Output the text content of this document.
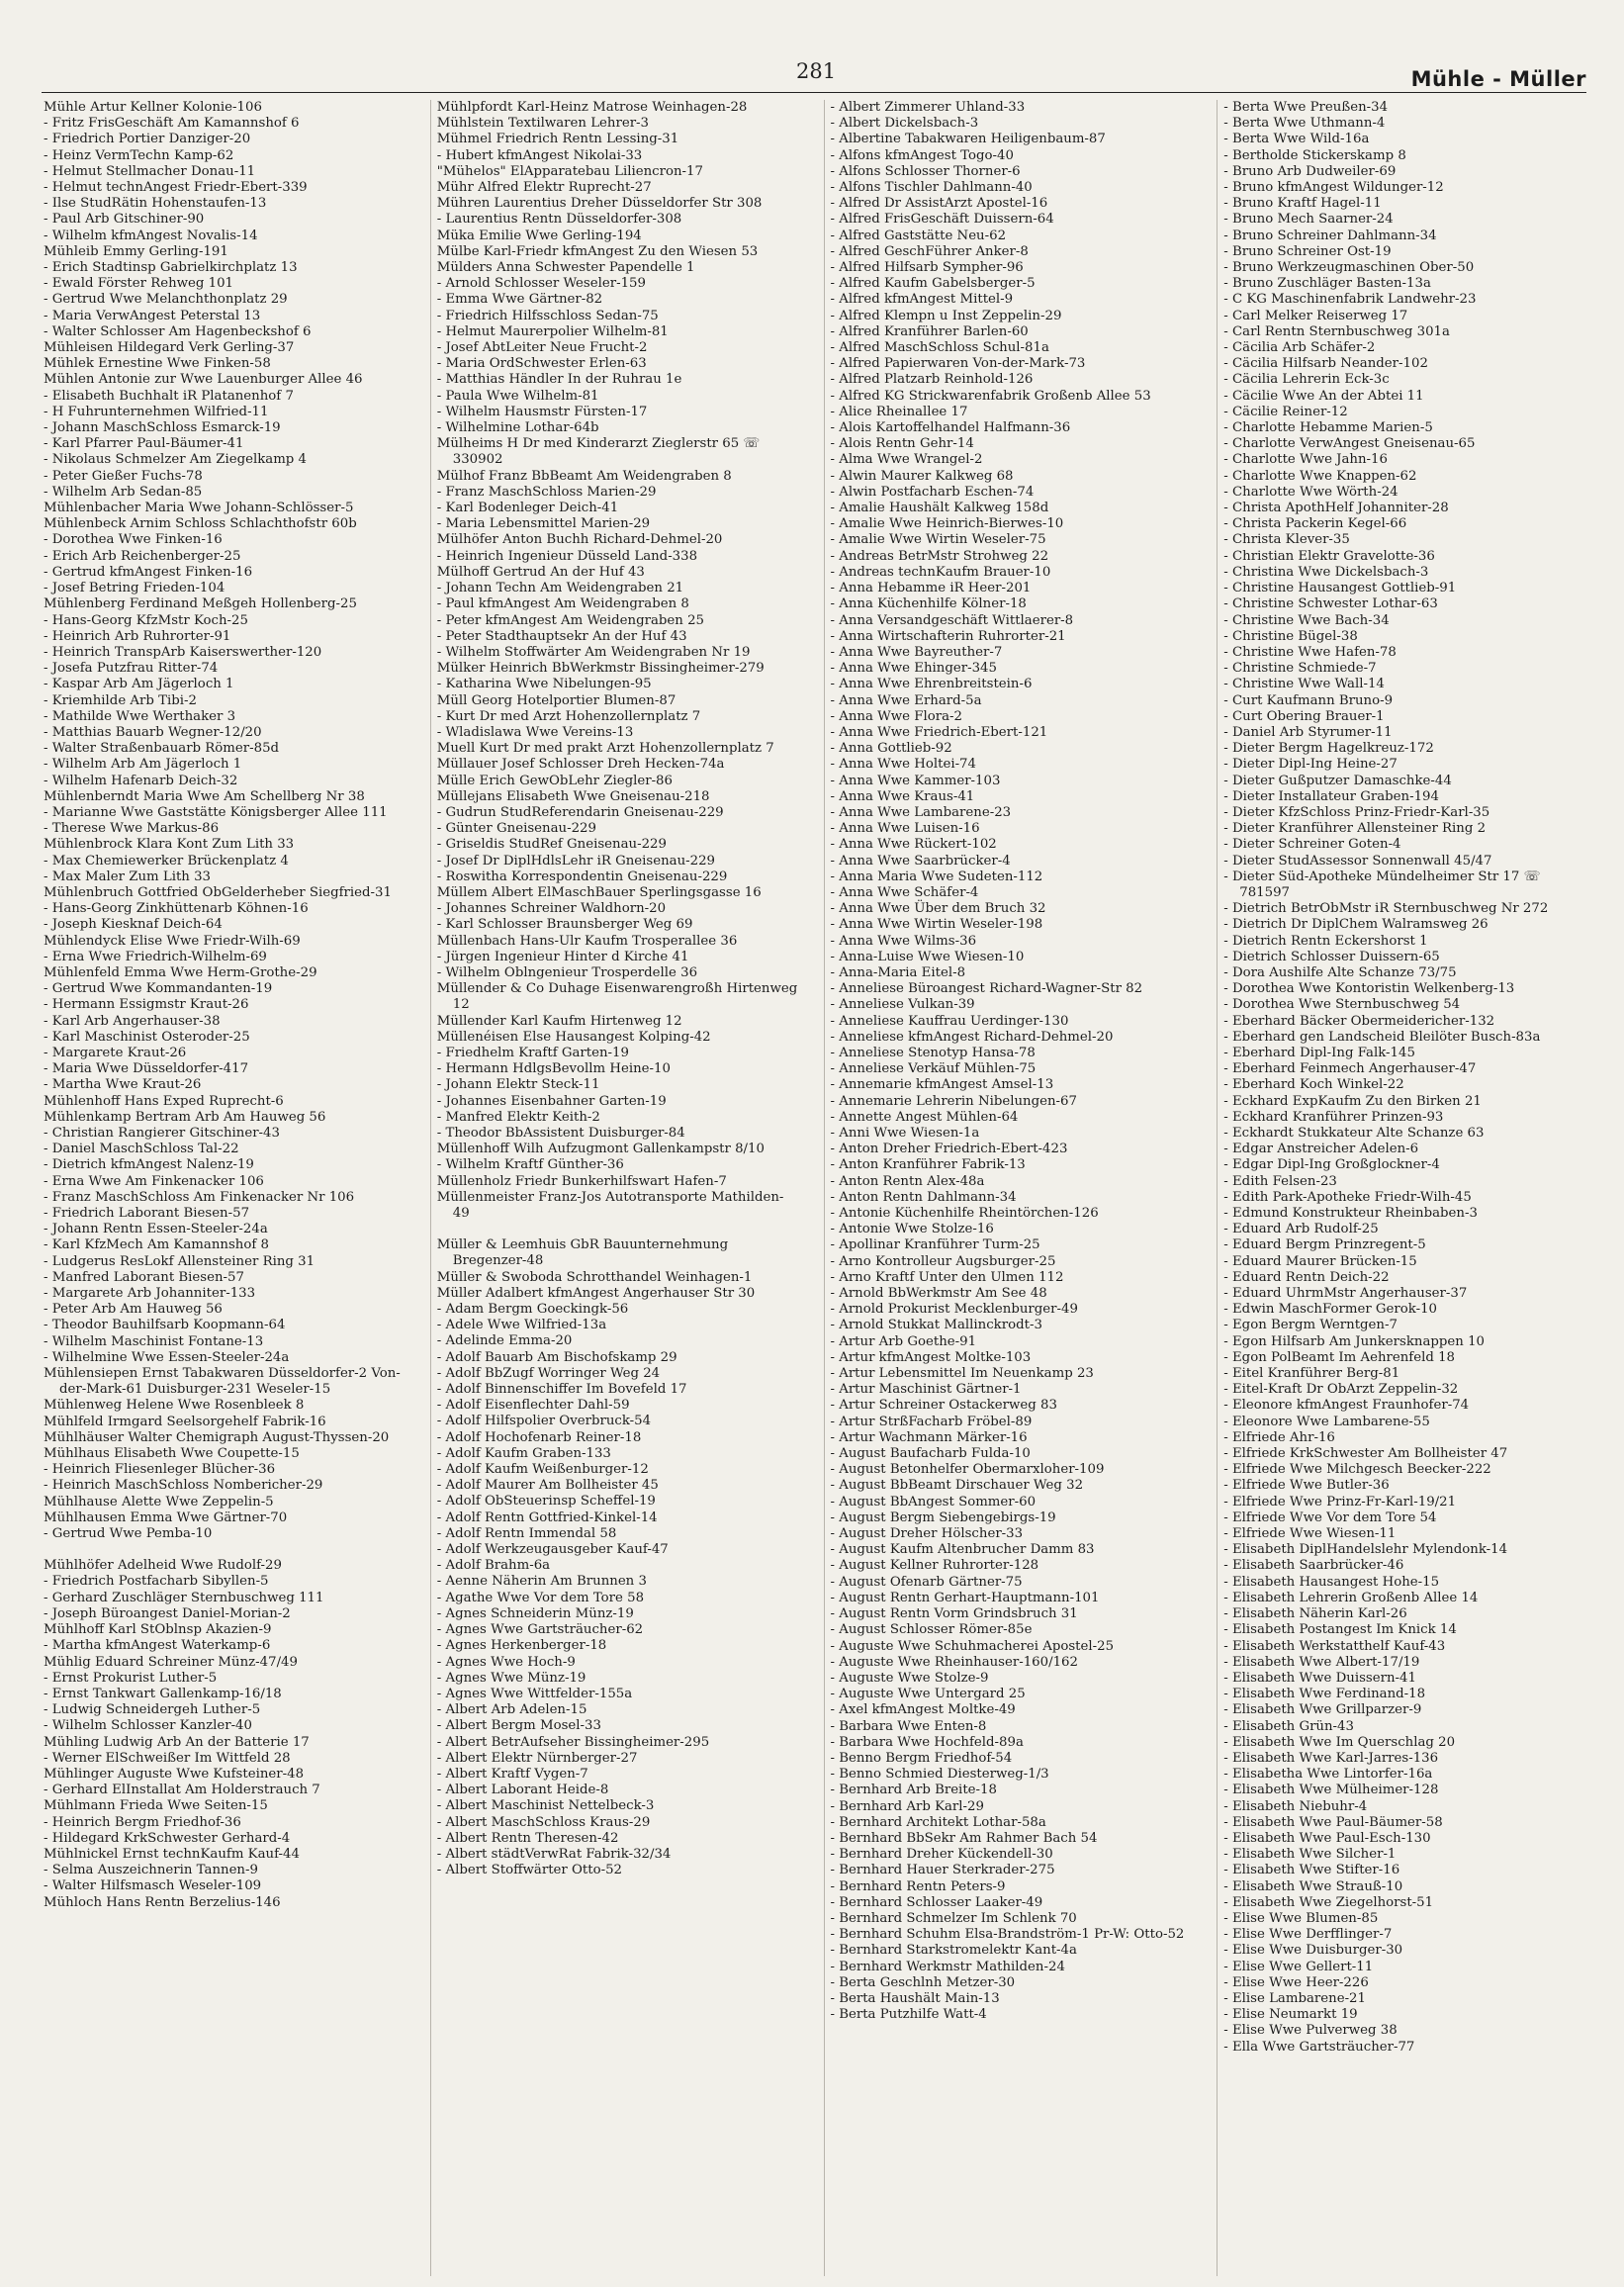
281	Mühle - Müller
Mühle Artur Kellner Kolonie-106
- Fritz FrisGeschäft Am Kamannshof 6
- Friedrich Portier Danziger-20
- Heinz VermTechn Kamp-62
- Helmut Stellmacher Donau-11
- Helmut technAngest Friedr-Ebert-339
- Ilse StudRätin Hohenstaufen-13
- Paul Arb Gitschiner-90
- Wilhelm kfmAngest Novalis-14
Mühleib Emmy Gerling-191
- Erich Stadtinsp Gabrielkirchplatz 13
- Ewald Förster Rehweg 101
- Gertrud Wwe Melanchthonplatz 29
- Maria VerwAngest Peterstal 13
- Walter Schlosser Am Hagenbeckshof 6
Mühleisen Hildegard Verk Gerling-37
Mühlek Ernestine Wwe Finken-58
Mühlen Antonie zur Wwe Lauenburger Allee 46
- Elisabeth Buchhalt iR Platanenhof 7
- H Fuhrunternehmen Wilfried-11
- Johann MaschSchloss Esmarck-19
- Karl Pfarrer Paul-Bäumer-41
- Nikolaus Schmelzer Am Ziegelkamp 4
- Peter Gießer Fuchs-78
- Wilhelm Arb Sedan-85
Mühlenbacher Maria Wwe Johann-Schlösser-5
Mühlenbeck Arnim Schloss Schlachthofstr 60b
- Dorothea Wwe Finken-16
- Erich Arb Reichenberger-25
- Gertrud kfmAngest Finken-16
- Josef Betring Frieden-104
Mühlenberg Ferdinand Meßgeh Hollenberg-25
- Hans-Georg KfzMstr Koch-25
- Heinrich Arb Ruhrorter-91
- Heinrich TranspArb Kaiserswerther-120
- Josefa Putzfrau Ritter-74
- Kaspar Arb Am Jägerloch 1
- Kriemhilde Arb Tibi-2
- Mathilde Wwe Werthaker 3
- Matthias Bauarb Wegner-12/20
- Walter Straßenbauarb Römer-85d
- Wilhelm Arb Am Jägerloch 1
- Wilhelm Hafenarb Deich-32
Mühlenberndt Maria Wwe Am Schellberg Nr 38
- Marianne Wwe Gaststätte Königsberger Allee 111
- Therese Wwe Markus-86
Mühlenbrock Klara Kont Zum Lith 33
- Max Chemiewerker Brückenplatz 4
- Max Maler Zum Lith 33
Mühlenbruch Gottfried ObGelderheber Siegfried-31
- Hans-Georg Zinkhüttenarb Köhnen-16
- Joseph Kiesknaf Deich-64
Mühlendyck Elise Wwe Friedr-Wilh-69
- Erna Wwe Friedrich-Wilhelm-69
Mühlenfeld Emma Wwe Herm-Grothe-29
- Gertrud Wwe Kommandanten-19
- Hermann Essigmstr Kraut-26
- Karl Arb Angerhauser-38
- Karl Maschinist Osteroder-25
- Margarete Kraut-26
- Maria Wwe Düsseldorfer-417
- Martha Wwe Kraut-26
Mühlenhoff Hans Exped Ruprecht-6
Mühlenkamp Bertram Arb Am Hauweg 56
- Christian Rangierer Gitschiner-43
- Daniel MaschSchloss Tal-22
- Dietrich kfmAngest Nalenz-19
- Erna Wwe Am Finkenacker 106
- Franz MaschSchloss Am Finkenacker Nr 106
- Friedrich Laborant Biesen-57
- Johann Rentn Essen-Steeler-24a
- Karl KfzMech Am Kamannshof 8
- Ludgerus ResLokf Allensteiner Ring 31
- Manfred Laborant Biesen-57
- Margarete Arb Johanniter-133
- Peter Arb Am Hauweg 56
- Theodor Bauhilfsarb Koopmann-64
- Wilhelm Maschinist Fontane-13
- Wilhelmine Wwe Essen-Steeler-24a
Mühlensiepen Ernst Tabakwaren Düsseldorfer-2 Von-der-Mark-61 Duisburger-231 Weseler-15
Mühlenweg Helene Wwe Rosenbleek 8
Mühlfeld Irmgard Seelsorgehelf Fabrik-16
Mühlhäuser Walter Chemigraph August-Thyssen-20
Mühlhaus Elisabeth Wwe Coupette-15
- Heinrich Fliesenleger Blücher-36
- Heinrich MaschSchloss Nombericher-29
Mühlhause Alette Wwe Zeppelin-5
Mühlhausen Emma Wwe Gärtner-70
- Gertrud Wwe Pemba-10
Mühlhöfer Adelheid Wwe Rudolf-29
- Friedrich Postfacharb Sibyllen-5
- Gerhard Zuschläger Sternbuschweg 111
- Joseph Büroangest Daniel-Morian-2
Mühlhoff Karl StOblnsp Akazien-9
- Martha kfmAngest Waterkamp-6
Mühlig Eduard Schreiner Münz-47/49
- Ernst Prokurist Luther-5
- Ernst Tankwart Gallenkamp-16/18
- Ludwig Schneidergeh Luther-5
- Wilhelm Schlosser Kanzler-40
Mühling Ludwig Arb An der Batterie 17
- Werner ElSchweißer Im Wittfeld 28
Mühlinger Auguste Wwe Kufsteiner-48
- Gerhard ElInstallat Am Holderstrauch 7
Mühlmann Frieda Wwe Seiten-15
- Heinrich Bergm Friedhof-36
- Hildegard KrkSchwester Gerhard-4
Mühlnickel Ernst technKaufm Kauf-44
- Selma Auszeichnerin Tannen-9
- Walter Hilfsmasch Weseler-109
Mühloch Hans Rentn Berzelius-146
Mühlpfordt Karl-Heinz Matrose Weinhagen-28
Mühlstein Textilwaren Lehrer-3
Mühmel Friedrich Rentn Lessing-31
- Hubert kfmAngest Nikolai-33
"Mühelos" ElApparatebau Liliencron-17
Mühr Alfred Elektr Ruprecht-27
Mühren Laurentius Dreher Düsseldorfer Str 308
- Laurentius Rentn Düsseldorfer-308
Müka Emilie Wwe Gerling-194
Mülbe Karl-Friedr kfmAngest Zu den Wiesen 53
Mülders Anna Schwester Papendelle 1
- Arnold Schlosser Weseler-159
- Emma Wwe Gärtner-82
- Friedrich Hilfsschloss Sedan-75
- Helmut Maurerpolier Wilhelm-81
- Josef AbtLeiter Neue Frucht-2
- Maria OrdSchwester Erlen-63
- Matthias Händler In der Ruhrau 1e
- Paula Wwe Wilhelm-81
- Wilhelm Hausmstr Fürsten-17
- Wilhelmine Lothar-64b
Mülheims H Dr med Kinderarzt Zieglerstr 65 ☏ 330902
Mülhof Franz BbBeamt Am Weidengraben 8
- Franz MaschSchloss Marien-29
- Karl Bodenleger Deich-41
- Maria Lebensmittel Marien-29
Mülhöfer Anton Buchh Richard-Dehmel-20
- Heinrich Ingenieur Düsseld Land-338
Mülhoff Gertrud An der Huf 43
- Johann Techn Am Weidengraben 21
- Paul kfmAngest Am Weidengraben 8
- Peter kfmAngest Am Weidengraben 25
- Peter Stadthauptsekr An der Huf 43
- Wilhelm Stoffwärter Am Weidengraben Nr 19
Mülker Heinrich BbWerkmstr Bissingheimer-279
- Katharina Wwe Nibelungen-95
Müll Georg Hotelportier Blumen-87
- Kurt Dr med Arzt Hohenzollernplatz 7
- Wladislawa Wwe Vereins-13
Muell Kurt Dr med prakt Arzt Hohenzollernplatz 7
Müllauer Josef Schlosser Dreh Hecken-74a
Mülle Erich GewObLehr Ziegler-86
Müllejans Elisabeth Wwe Gneisenau-218
- Gudrun StudReferendarin Gneisenau-229
- Günter Gneisenau-229
- Griseldis StudRef Gneisenau-229
- Josef Dr DiplHdlsLehr iR Gneisenau-229
- Roswitha Korrespondentin Gneisenau-229
Müllem Albert ElMaschBauer Sperlingsgasse 16
- Johannes Schreiner Waldhorn-20
- Karl Schlosser Braunsberger Weg 69
Müllenbach Hans-Ulr Kaufm Trosperallee 36
- Jürgen Ingenieur Hinter d Kirche 41
- Wilhelm Oblngenieur Trosperdelle 36
Müllender & Co Duhage Eisenwarengroßh Hirtenweg 12
Müllender Karl Kaufm Hirtenweg 12
Müllenéisen Else Hausangest Kolping-42
- Friedhelm Kraftf Garten-19
- Hermann HdlgsBevollm Heine-10
- Johann Elektr Steck-11
- Johannes Eisenbahner Garten-19
- Manfred Elektr Keith-2
- Theodor BbAssistent Duisburger-84
Müllenhoff Wilh Aufzugmont Gallenkampstr 8/10
- Wilhelm Kraftf Günther-36
Müllenholz Friedr Bunkerhilfswart Hafen-7
Müllenmeister Franz-Jos Autotransporte Mathilden-49
Müller & Leemhuis GbR Bauunternehmung Bregenzer-48
Müller & Swoboda Schrotthandel Weinhagen-1
Müller Adalbert kfmAngest Angerhauser Str 30
- Adam Bergm Goeckingk-56
- Adele Wwe Wilfried-13a
- Adelinde Emma-20
- Adolf Bauarb Am Bischofskamp 29
- Adolf BbZugf Worringer Weg 24
- Adolf Binnenschiffer Im Bovefeld 17
- Adolf Eisenflechter Dahl-59
- Adolf Hilfspolier Overbruck-54
- Adolf Hochofenarb Reiner-18
- Adolf Kaufm Graben-133
- Adolf Kaufm Weißenburger-12
- Adolf Maurer Am Bollheister 45
- Adolf ObSteuerinsp Scheffel-19
- Adolf Rentn Gottfried-Kinkel-14
- Adolf Rentn Immendal 58
- Adolf Werkzeugausgeber Kauf-47
- Adolf Brahm-6a
- Aenne Näherin Am Brunnen 3
- Agathe Wwe Vor dem Tore 58
- Agnes Schneiderin Münz-19
- Agnes Wwe Gartsträucher-62
- Agnes Herkenberger-18
- Agnes Wwe Hoch-9
- Agnes Wwe Münz-19
- Agnes Wwe Wittfelder-155a
- Albert Arb Adelen-15
- Albert Bergm Mosel-33
- Albert BetrAufseher Bissingheimer-295
- Albert Elektr Nürnberger-27
- Albert Kraftf Vygen-7
- Albert Laborant Heide-8
- Albert Maschinist Nettelbeck-3
- Albert MaschSchloss Kraus-29
- Albert Rentn Theresen-42
- Albert städtVerwRat Fabrik-32/34
- Albert Stoffwärter Otto-52
- Albert Zimmerer Uhland-33
- Albert Dickelsbach-3
- Albertine Tabakwaren Heiligenbaum-87
- Alfons kfmAngest Togo-40
- Alfons Schlosser Thorner-6
- Alfons Tischler Dahlmann-40
- Alfred Dr AssistArzt Apostel-16
- Alfred FrisGeschäft Duissern-64
- Alfred Gaststätte Neu-62
- Alfred GeschFührer Anker-8
- Alfred Hilfsarb Sympher-96
- Alfred Kaufm Gabelsberger-5
- Alfred kfmAngest Mittel-9
- Alfred Klempn u Inst Zeppelin-29
- Alfred Kranführer Barlen-60
- Alfred MaschSchloss Schul-81a
- Alfred Papierwaren Von-der-Mark-73
- Alfred Platzarb Reinhold-126
- Alfred KG Strickwarenfabrik Großenb Allee 53
- Alice Rheinallee 17
- Alois Kartoffelhandel Halfmann-36
- Alois Rentn Gehr-14
- Alma Wwe Wrangel-2
- Alwin Maurer Kalkweg 68
- Alwin Postfacharb Eschen-74
- Amalie Haushält Kalkweg 158d
- Amalie Wwe Heinrich-Bierwes-10
- Amalie Wwe Wirtin Weseler-75
- Andreas BetrMstr Strohweg 22
- Andreas technKaufm Brauer-10
- Anna Hebamme iR Heer-201
- Anna Küchenhilfe Kölner-18
- Anna Versandgeschäft Wittlaerer-8
- Anna Wirtschafterin Ruhrorter-21
- Anna Wwe Bayreuther-7
- Anna Wwe Ehinger-345
- Anna Wwe Ehrenbreitstein-6
- Anna Wwe Erhard-5a
- Anna Wwe Flora-2
- Anna Wwe Friedrich-Ebert-121
- Anna Gottlieb-92
- Anna Wwe Holtei-74
- Anna Wwe Kammer-103
- Anna Wwe Kraus-41
- Anna Wwe Lambarene-23
- Anna Wwe Luisen-16
- Anna Wwe Rückert-102
- Anna Wwe Saarbrücker-4
- Anna Maria Wwe Sudeten-112
- Anna Wwe Schäfer-4
- Anna Wwe Über dem Bruch 32
- Anna Wwe Wirtin Weseler-198
- Anna Wwe Wilms-36
- Anna-Luise Wwe Wiesen-10
- Anna-Maria Eitel-8
- Anneliese Büroangest Richard-Wagner-Str 82
- Anneliese Vulkan-39
- Anneliese Kauffrau Uerdinger-130
- Anneliese kfmAngest Richard-Dehmel-20
- Anneliese Stenotyp Hansa-78
- Anneliese Verkäuf Mühlen-75
- Annemarie kfmAngest Amsel-13
- Annemarie Lehrerin Nibelungen-67
- Annette Angest Mühlen-64
- Anni Wwe Wiesen-1a
- Anton Dreher Friedrich-Ebert-423
- Anton Kranführer Fabrik-13
- Anton Rentn Alex-48a
- Anton Rentn Dahlmann-34
- Antonie Küchenhilfe Rheintörchen-126
- Antonie Wwe Stolze-16
- Apollinar Kranführer Turm-25
- Arno Kontrolleur Augsburger-25
- Arno Kraftf Unter den Ulmen 112
- Arnold BbWerkmstr Am See 48
- Arnold Prokurist Mecklenburger-49
- Arnold Stukkat Mallinckrodt-3
- Artur Arb Goethe-91
- Artur kfmAngest Moltke-103
- Artur Lebensmittel Im Neuenkamp 23
- Artur Maschinist Gärtner-1
- Artur Schreiner Ostackerweg 83
- Artur StrßFacharb Fröbel-89
- Artur Wachmann Märker-16
- August Baufacharb Fulda-10
- August Betonhelfer Obermarxloher-109
- August BbBeamt Dirschauer Weg 32
- August BbAngest Sommer-60
- August Bergm Siebengebirgs-19
- August Dreher Hölscher-33
- August Kaufm Altenbrucher Damm 83
- August Kellner Ruhrorter-128
- August Ofenarb Gärtner-75
- August Rentn Gerhart-Hauptmann-101
- August Rentn Vorm Grindsbruch 31
- August Schlosser Römer-85e
- Auguste Wwe Schuhmacherei Apostel-25
- Auguste Wwe Rheinhauser-160/162
- Auguste Wwe Stolze-9
- Auguste Wwe Untergard 25
- Axel kfmAngest Moltke-49
- Barbara Wwe Enten-8
- Barbara Wwe Hochfeld-89a
- Benno Bergm Friedhof-54
- Benno Schmied Diesterweg-1/3
- Bernhard Arb Breite-18
- Bernhard Arb Karl-29
- Bernhard Architekt Lothar-58a
- Bernhard BbSekr Am Rahmer Bach 54
- Bernhard Dreher Kückendell-30
- Bernhard Hauer Sterkrader-275
- Bernhard Rentn Peters-9
- Bernhard Schlosser Laaker-49
- Bernhard Schmelzer Im Schlenk 70
- Bernhard Schuhm Elsa-Brandström-1 Pr-W: Otto-52
- Bernhard Starkstromelektr Kant-4a
- Bernhard Werkmstr Mathilden-24
- Berta Geschlnh Metzer-30
- Berta Haushält Main-13
- Berta Putzhilfe Watt-4
- Berta Wwe Preußen-34
- Berta Wwe Uthmann-4
- Berta Wwe Wild-16a
- Bertholde Stickerskamp 8
- Bruno Arb Dudweiler-69
- Bruno kfmAngest Wildunger-12
- Bruno Kraftf Hagel-11
- Bruno Mech Saarner-24
- Bruno Schreiner Dahlmann-34
- Bruno Schreiner Ost-19
- Bruno Werkzeugmaschinen Ober-50
- Bruno Zuschläger Basten-13a
- C KG Maschinenfabrik Landwehr-23
- Carl Melker Reiserweg 17
- Carl Rentn Sternbuschweg 301a
- Cäcilia Arb Schäfer-2
- Cäcilia Hilfsarb Neander-102
- Cäcilia Lehrerin Eck-3c
- Cäcilie Wwe An der Abtei 11
- Cäcilie Reiner-12
- Charlotte Hebamme Marien-5
- Charlotte VerwAngest Gneisenau-65
- Charlotte Wwe Jahn-16
- Charlotte Wwe Knappen-62
- Charlotte Wwe Wörth-24
- Christa ApothHelf Johanniter-28
- Christa Packerin Kegel-66
- Christa Klever-35
- Christian Elektr Gravelotte-36
- Christina Wwe Dickelsbach-3
- Christine Hausangest Gottlieb-91
- Christine Schwester Lothar-63
- Christine Wwe Bach-34
- Christine Bügel-38
- Christine Wwe Hafen-78
- Christine Schmiede-7
- Christine Wwe Wall-14
- Curt Kaufmann Bruno-9
- Curt Obering Brauer-1
- Daniel Arb Styrumer-11
- Dieter Bergm Hagelkreuz-172
- Dieter Dipl-Ing Heine-27
- Dieter Gußputzer Damaschke-44
- Dieter Installateur Graben-194
- Dieter KfzSchloss Prinz-Friedr-Karl-35
- Dieter Kranführer Allensteiner Ring 2
- Dieter Schreiner Goten-4
- Dieter StudAssessor Sonnenwall 45/47
- Dieter Süd-Apotheke Mündelheimer Str 17 ☏ 781597
- Dietrich BetrObMstr iR Sternbuschweg Nr 272
- Dietrich Dr DiplChem Walramsweg 26
- Dietrich Rentn Eckershorst 1
- Dietrich Schlosser Duissern-65
- Dora Aushilfe Alte Schanze 73/75
- Dorothea Wwe Kontoristin Welkenberg-13
- Dorothea Wwe Sternbuschweg 54
- Eberhard Bäcker Obermeidericher-132
- Eberhard gen Landscheid Bleilöter Busch-83a
- Eberhard Dipl-Ing Falk-145
- Eberhard Feinmech Angerhauser-47
- Eberhard Koch Winkel-22
- Eckhard ExpKaufm Zu den Birken 21
- Eckhard Kranführer Prinzen-93
- Eckhardt Stukkateur Alte Schanze 63
- Edgar Anstreicher Adelen-6
- Edgar Dipl-Ing Großglockner-4
- Edith Felsen-23
- Edith Park-Apotheke Friedr-Wilh-45
- Edmund Konstrukteur Rheinbaben-3
- Eduard Arb Rudolf-25
- Eduard Bergm Prinzregent-5
- Eduard Maurer Brücken-15
- Eduard Rentn Deich-22
- Eduard UhrmMstr Angerhauser-37
- Edwin MaschFormer Gerok-10
- Egon Bergm Werntgen-7
- Egon Hilfsarb Am Junkersknappen 10
- Egon PolBeamt Im Aehrenfeld 18
- Eitel Kranführer Berg-81
- Eitel-Kraft Dr ObArzt Zeppelin-32
- Eleonore kfmAngest Fraunhofer-74
- Eleonore Wwe Lambarene-55
- Elfriede Ahr-16
- Elfriede KrkSchwester Am Bollheister 47
- Elfriede Wwe Milchgesch Beecker-222
- Elfriede Wwe Butler-36
- Elfriede Wwe Prinz-Fr-Karl-19/21
- Elfriede Wwe Vor dem Tore 54
- Elfriede Wwe Wiesen-11
- Elisabeth DiplHandelslehr Mylendonk-14
- Elisabeth Saarbrücker-46
- Elisabeth Hausangest Hohe-15
- Elisabeth Lehrerin Großenb Allee 14
- Elisabeth Näherin Karl-26
- Elisabeth Postangest Im Knick 14
- Elisabeth Werkstatthelf Kauf-43
- Elisabeth Wwe Albert-17/19
- Elisabeth Wwe Duissern-41
- Elisabeth Wwe Ferdinand-18
- Elisabeth Wwe Grillparzer-9
- Elisabeth Grün-43
- Elisabeth Wwe Im Querschlag 20
- Elisabeth Wwe Karl-Jarres-136
- Elisabetha Wwe Lintorfer-16a
- Elisabeth Wwe Mülheimer-128
- Elisabeth Niebuhr-4
- Elisabeth Wwe Paul-Bäumer-58
- Elisabeth Wwe Paul-Esch-130
- Elisabeth Wwe Silcher-1
- Elisabeth Wwe Stifter-16
- Elisabeth Wwe Strauß-10
- Elisabeth Wwe Ziegelhorst-51
- Elise Wwe Blumen-85
- Elise Wwe Derfflinger-7
- Elise Wwe Duisburger-30
- Elise Wwe Gellert-11
- Elise Wwe Heer-226
- Elise Lambarene-21
- Elise Neumarkt 19
- Elise Wwe Pulverweg 38
- Ella Wwe Gartsträucher-77
